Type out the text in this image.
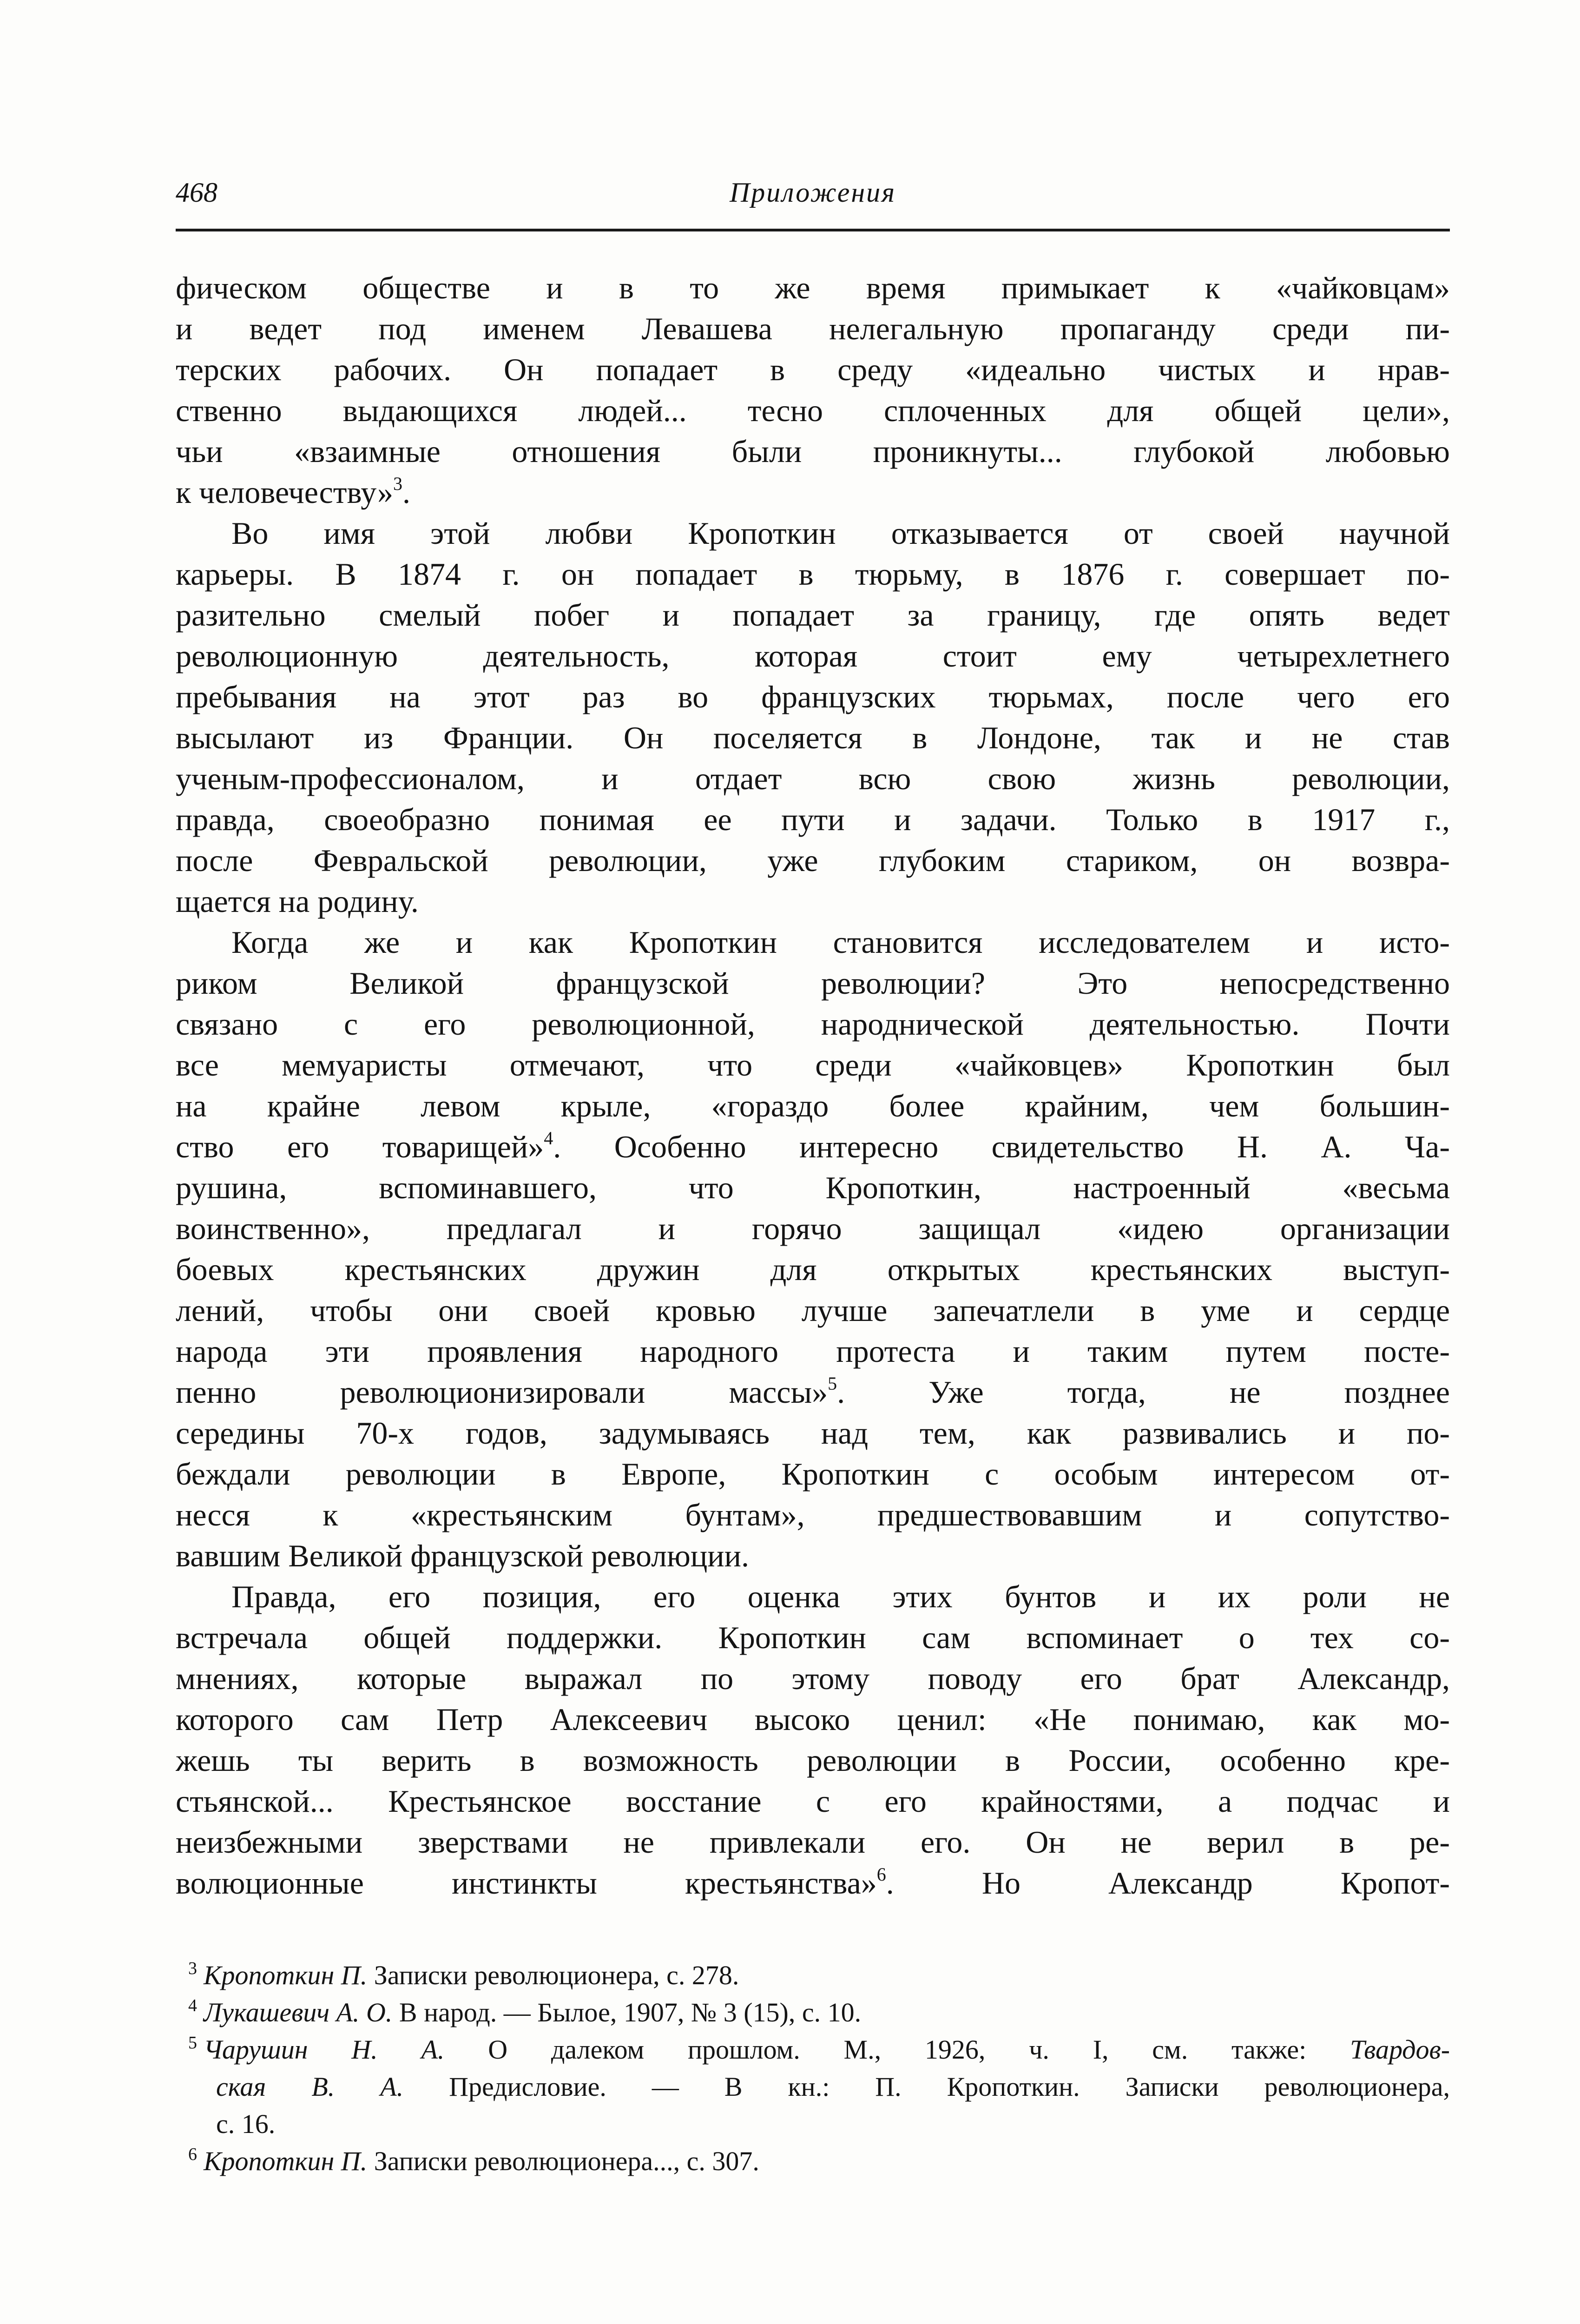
468	Приложения
фическом обществе и в то же время примыкает к «чайковцам»
и ведет под именем Левашева нелегальную пропаганду среди пи-
терских рабочих. Он попадает в среду «идеально чистых и нрав-
ственно выдающихся людей... тесно сплоченных для общей цели»,
чьи «взаимные отношения были проникнуты... глубокой любовью
к человечеству»$^3$.
Во имя этой любви Кропоткин отказывается от своей научной
карьеры. В 1874 г. он попадает в тюрьму, в 1876 г. совершает по-
разительно смелый побег и попадает за границу, где опять ведет
революционную деятельность, которая стоит ему четырехлетнего
пребывания на этот раз во французских тюрьмах, после чего его
высылают из Франции. Он поселяется в Лондоне, так и не став
ученым-профессионалом, и отдает всю свою жизнь революции,
правда, своеобразно понимая ее пути и задачи. Только в 1917 г.,
после Февральской революции, уже глубоким стариком, он возвра-
щается на родину.
Когда же и как Кропоткин становится исследователем и исто-
риком Великой французской революции? Это непосредственно
связано с его революционной, народнической деятельностью. Почти
все мемуаристы отмечают, что среди «чайковцев» Кропоткин был
на крайне левом крыле, «гораздо более крайним, чем большин-
ство его товарищей»$^4$. Особенно интересно свидетельство Н. А. Ча-
рушина, вспоминавшего, что Кропоткин, настроенный «весьма
воинственно», предлагал и горячо защищал «идею организации
боевых крестьянских дружин для открытых крестьянских выступ-
лений, чтобы они своей кровью лучше запечатлели в уме и сердце
народа эти проявления народного протеста и таким путем посте-
пенно революционизировали массы»$^5$. Уже тогда, не позднее
середины 70-х годов, задумываясь над тем, как развивались и по-
беждали революции в Европе, Кропоткин с особым интересом от-
несся к «крестьянским бунтам», предшествовавшим и сопутство-
вавшим Великой французской революции.
Правда, его позиция, его оценка этих бунтов и их роли не
встречала общей поддержки. Кропоткин сам вспоминает о тех со-
мнениях, которые выражал по этому поводу его брат Александр,
которого сам Петр Алексеевич высоко ценил: «Не понимаю, как мо-
жешь ты верить в возможность революции в России, особенно кре-
стьянской... Крестьянское восстание с его крайностями, а подчас и
неизбежными зверствами не привлекали его. Он не верил в ре-
волюционные инстинкты крестьянства»$^6$. Но Александр Кропот-
$^3$ Кропоткин П. Записки революционера, с. 278.
$^4$ Лукашевич А. О. В народ. — Былое, 1907, № 3 (15), с. 10.
$^5$ Чарушин Н. А. О далеком прошлом. М., 1926, ч. I, см. также: Твардов-
ская В. А. Предисловие. — В кн.: П. Кропоткин. Записки революционера,
с. 16.
$^6$ Кропоткин П. Записки революционера..., с. 307.
